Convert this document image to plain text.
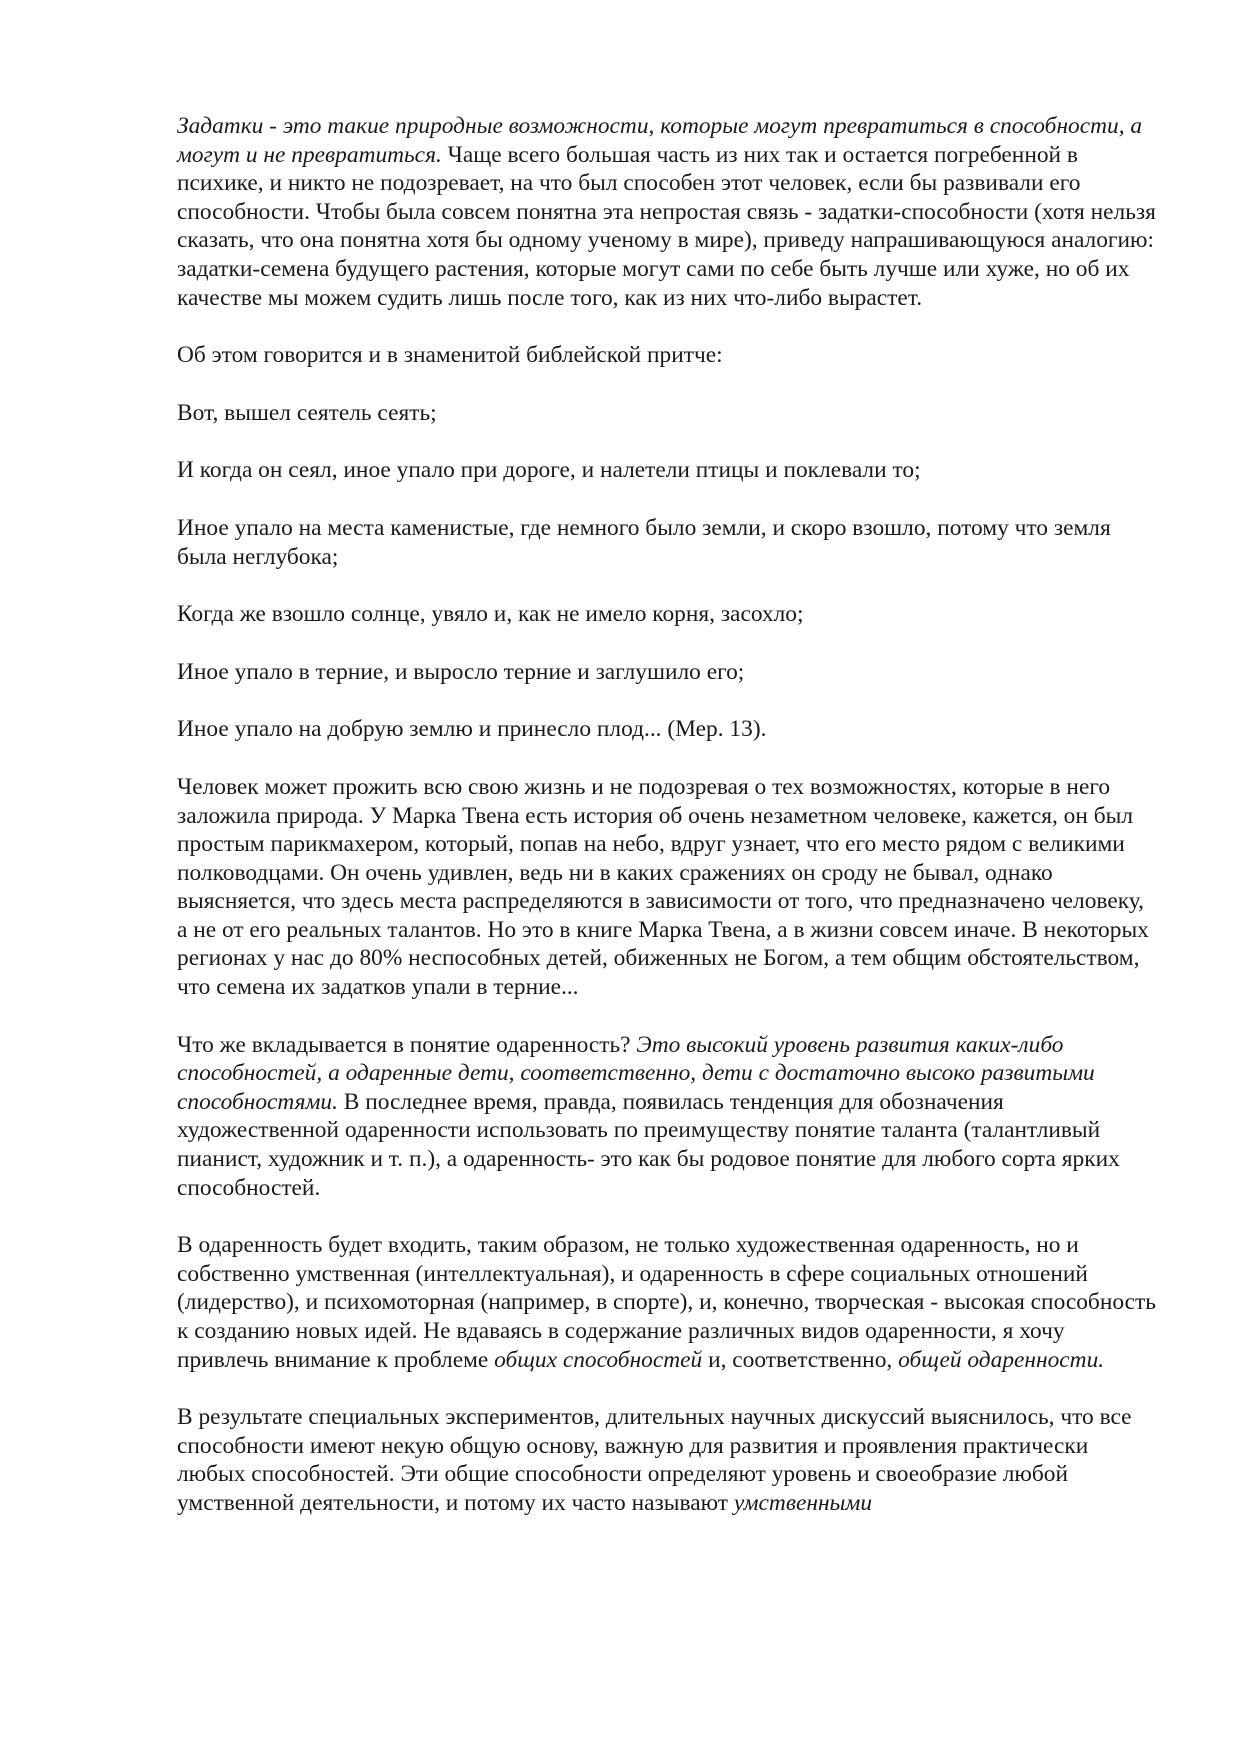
Задатки - это такие природные возможности, которые могут превратиться в способности, а могут и не превратиться. Чаще всего большая часть из них так и остается погребенной в психике, и никто не подозревает, на что был способен этот человек, если бы развивали его способности. Чтобы была совсем понятна эта непростая связь - задатки-способности (хотя нельзя сказать, что она понятна хотя бы одному ученому в мире), приведу напрашивающуюся аналогию: задатки-семена будущего растения, которые могут сами по себе быть лучше или хуже, но об их качестве мы можем судить лишь после того, как из них что-либо вырастет.

Об этом говорится и в знаменитой библейской притче:

Вот, вышел сеятель сеять;

И когда он сеял, иное упало при дороге, и налетели птицы и поклевали то;

Иное упало на места каменистые, где немного было земли, и скоро взошло, потому что земля была неглубока;

Когда же взошло солнце, увяло и, как не имело корня, засохло;

Иное упало в терние, и выросло терние и заглушило его;

Иное упало на добрую землю и принесло плод... (Мер. 13).

Человек может прожить всю свою жизнь и не подозревая о тех возможностях, которые в него заложила природа. У Марка Твена есть история об очень незаметном человеке, кажется, он был простым парикмахером, который, попав на небо, вдруг узнает, что его место рядом с великими полководцами. Он очень удивлен, ведь ни в каких сражениях он сроду не бывал, однако выясняется, что здесь места распределяются в зависимости от того, что предназначено человеку, а не от его реальных талантов. Но это в книге Марка Твена, а в жизни совсем иначе. В некоторых регионах у нас до 80% неспособных детей, обиженных не Богом, а тем общим обстоятельством, что семена их задатков упали в терние...

Что же вкладывается в понятие одаренность? Это высокий уровень развития каких-либо способностей, а одаренные дети, соответственно, дети с достаточно высоко развитыми способностями. В последнее время, правда, появилась тенденция для обозначения художественной одаренности использовать по преимуществу понятие таланта (талантливый пианист, художник и т. п.), а одаренность- это как бы родовое понятие для любого сорта ярких способностей.

В одаренность будет входить, таким образом, не только художественная одаренность, но и собственно умственная (интеллектуальная), и одаренность в сфере социальных отношений (лидерство), и психомоторная (например, в спорте), и, конечно, творческая - высокая способность к созданию новых идей. Не вдаваясь в содержание различных видов одаренности, я хочу привлечь внимание к проблеме общих способностей и, соответственно, общей одаренности.

В результате специальных экспериментов, длительных научных дискуссий выяснилось, что все способности имеют некую общую основу, важную для развития и проявления практически любых способностей. Эти общие способности определяют уровень и своеобразие любой умственной деятельности, и потому их часто называют умственными
